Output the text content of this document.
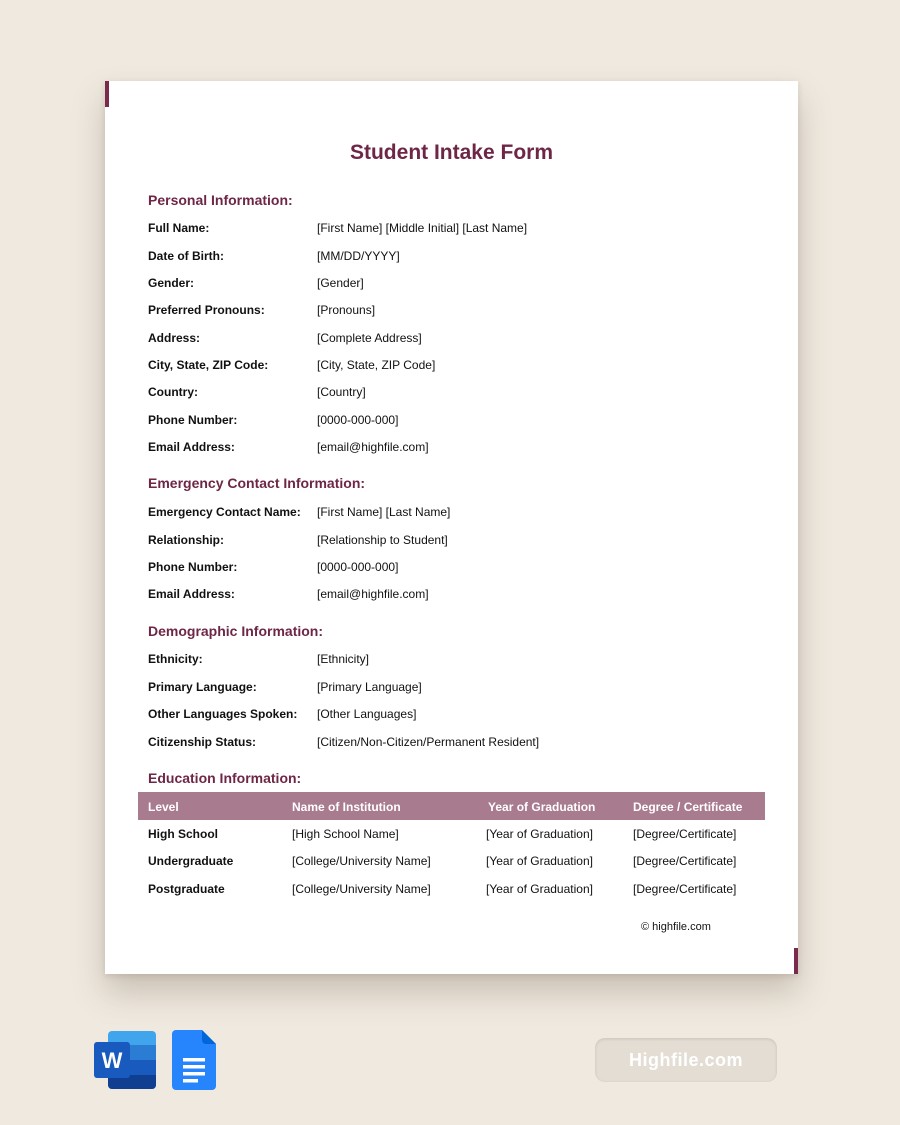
Student Intake Form
Personal Information:
Full Name:	[First Name] [Middle Initial] [Last Name]
Date of Birth:	[MM/DD/YYYY]
Gender:	[Gender]
Preferred Pronouns:	[Pronouns]
Address:	[Complete Address]
City, State, ZIP Code:	[City, State, ZIP Code]
Country:	[Country]
Phone Number:	[0000-000-000]
Email Address:	[email@highfile.com]
Emergency Contact Information:
Emergency Contact Name: [First Name] [Last Name]
Relationship:	[Relationship to Student]
Phone Number:	[0000-000-000]
Email Address:	[email@highfile.com]
Demographic Information:
Ethnicity:	[Ethnicity]
Primary Language:	[Primary Language]
Other Languages Spoken: [Other Languages]
Citizenship Status:	[Citizen/Non-Citizen/Permanent Resident]
Education Information:
Level	Name of Institution	Year of Graduation	Degree / Certificate
High School	[High School Name]	[Year of Graduation]	[Degree/Certificate]
Undergraduate	[College/University Name]	[Year of Graduation]	[Degree/Certificate]
Postgraduate	[College/University Name]	[Year of Graduation]	[Degree/Certificate]
© highfile.com
W	Highfile.com
